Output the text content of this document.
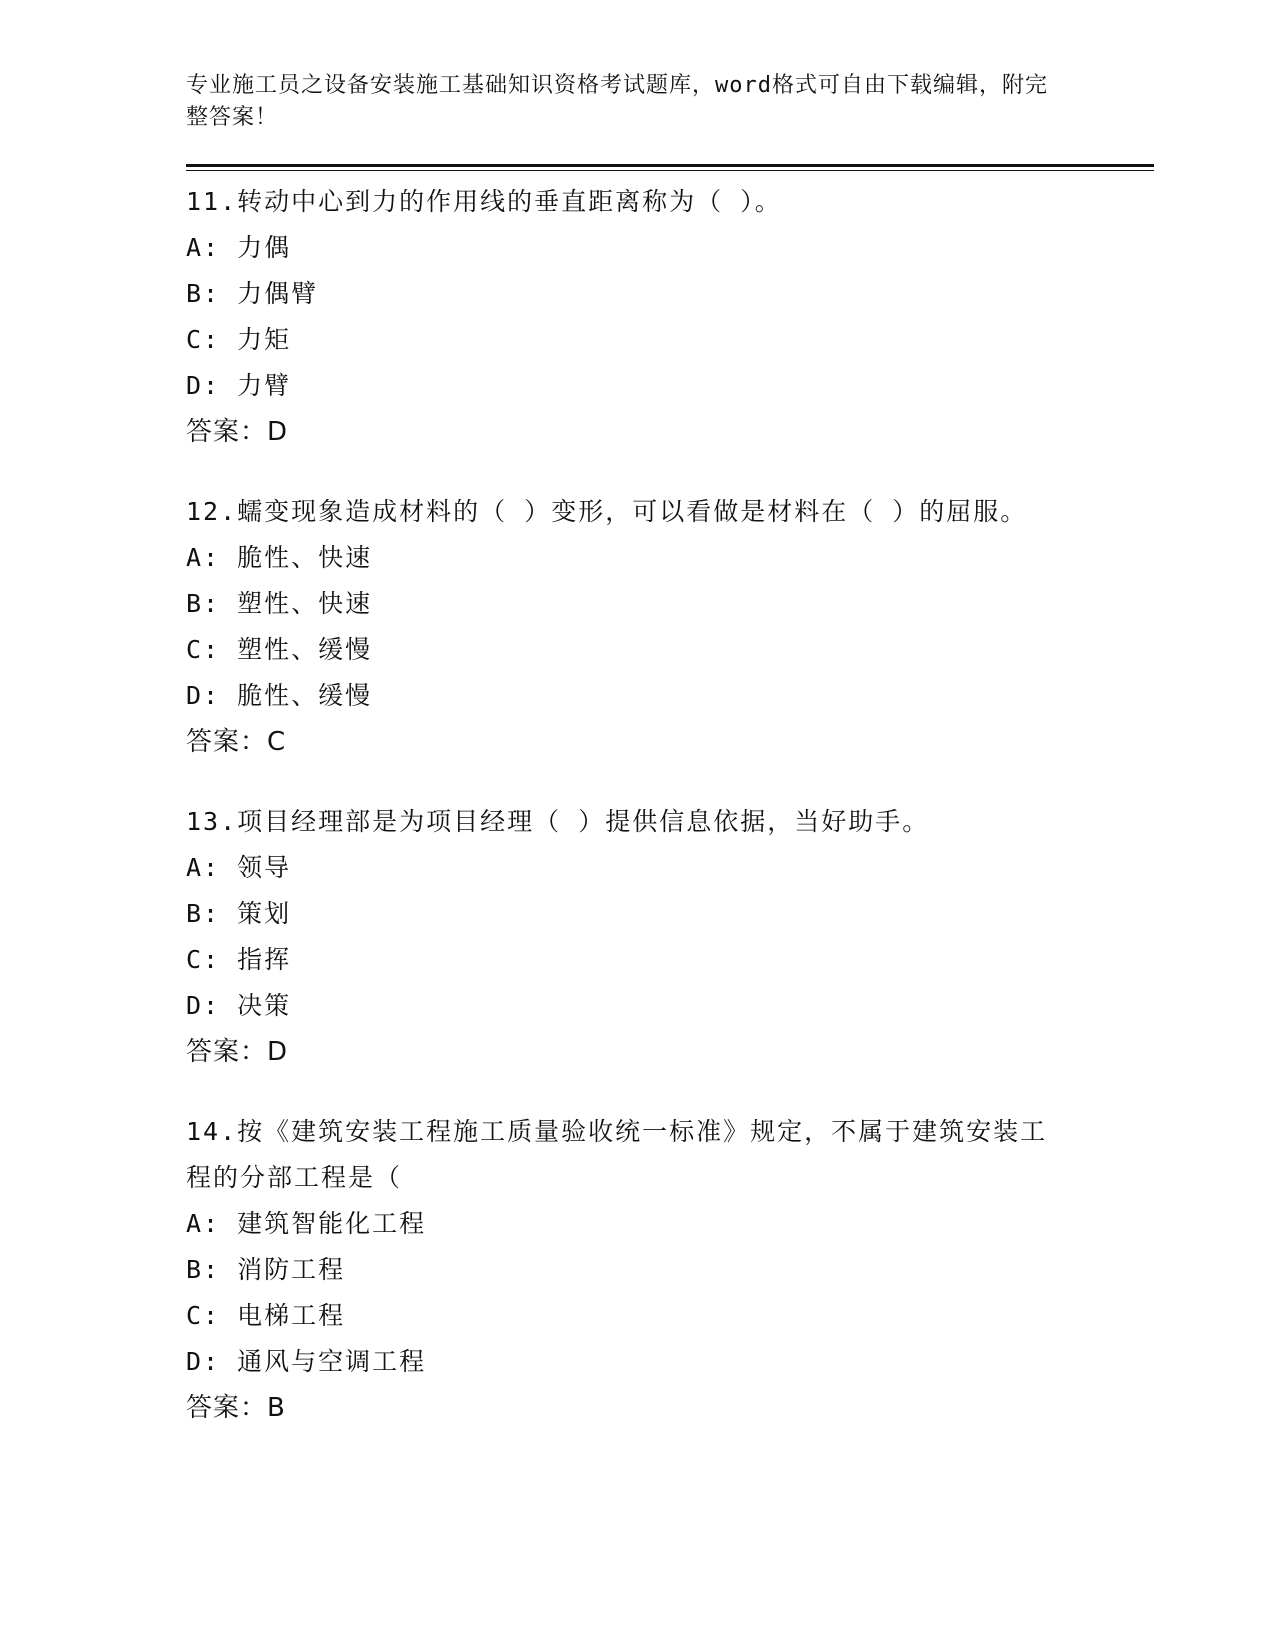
专业施工员之设备安装施工基础知识资格考试题库，word格式可自由下载编辑，附完整答案！
11.转动中心到力的作用线的垂直距离称为（ ）。
A: 力偶
B: 力偶臂
C: 力矩
D: 力臂
答案：D
12.蠕变现象造成材料的（ ）变形，可以看做是材料在（ ）的屈服。
A: 脆性、快速
B: 塑性、快速
C: 塑性、缓慢
D: 脆性、缓慢
答案：C
13.项目经理部是为项目经理（ ）提供信息依据，当好助手。
A: 领导
B: 策划
C: 指挥
D: 决策
答案：D
14.按《建筑安装工程施工质量验收统一标准》规定，不属于建筑安装工程的分部工程是（
A: 建筑智能化工程
B: 消防工程
C: 电梯工程
D: 通风与空调工程
答案：B
